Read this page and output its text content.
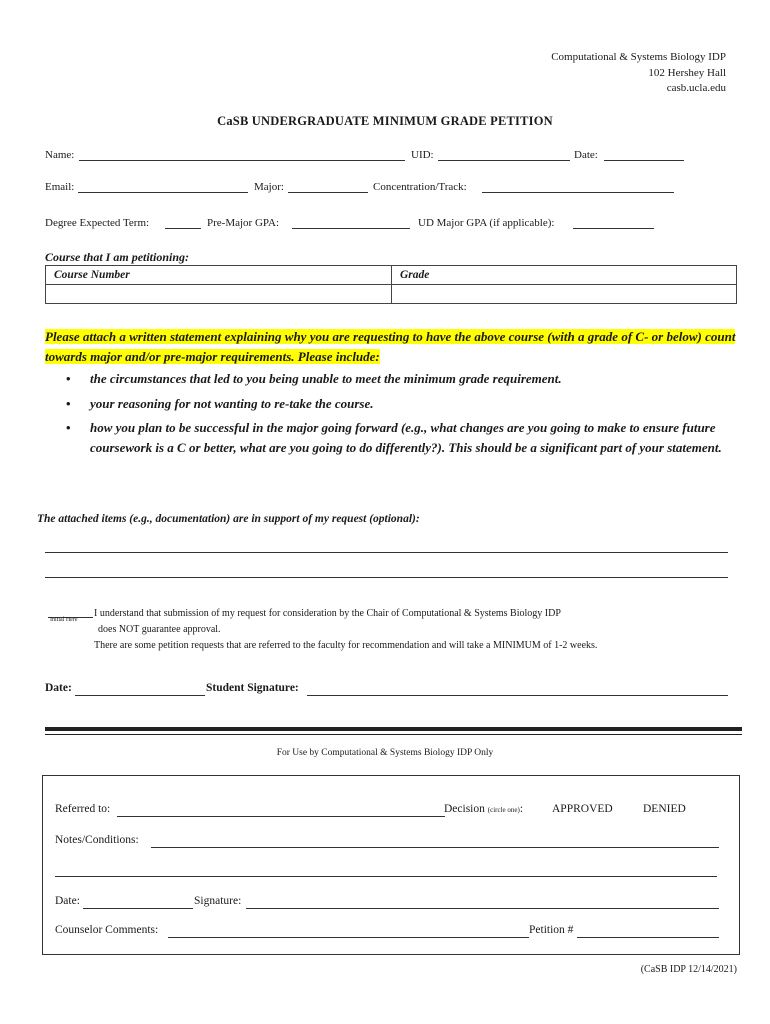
Computational & Systems Biology IDP
102 Hershey Hall
casb.ucla.edu
CaSB UNDERGRADUATE MINIMUM GRADE PETITION
Name:	UID:	Date:
Email:	Major:	Concentration/Track:
Degree Expected Term:	Pre-Major GPA:	UD Major GPA (if applicable):
Course that I am petitioning:
Course Number	Grade

Please attach a written statement explaining why you are requesting to have the above course (with a grade of C- or below) count towards major and/or pre-major requirements. Please include:
• the circumstances that led to you being unable to meet the minimum grade requirement.
• your reasoning for not wanting to re-take the course.
• how you plan to be successful in the major going forward (e.g., what changes are you going to make to ensure future coursework is a C or better, what are you going to do differently?). This should be a significant part of your statement.
The attached items (e.g., documentation) are in support of my request (optional):
Initial Here
I understand that submission of my request for consideration by the Chair of Computational & Systems Biology IDP
does NOT guarantee approval.
There are some petition requests that are referred to the faculty for recommendation and will take a MINIMUM of 1-2 weeks.
Date:	Student Signature:
For Use by Computational & Systems Biology IDP Only
Referred to:	Decision (circle one):	APPROVED	DENIED
Notes/Conditions:
Date:	Signature:
Counselor Comments:	Petition #
(CaSB IDP 12/14/2021)
